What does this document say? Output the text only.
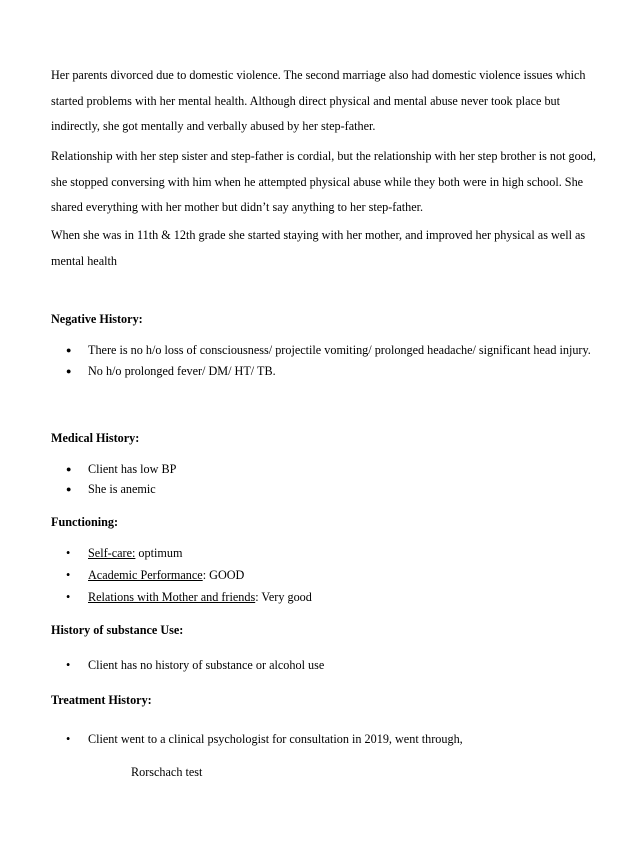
Her parents divorced due to domestic violence. The second marriage also had domestic violence issues which started problems with her mental health. Although direct physical and mental abuse never took place but indirectly, she got mentally and verbally abused by her step-father.

Relationship with her step sister and step-father is cordial, but the relationship with her step brother is not good, she stopped conversing with him when he attempted physical abuse while they both were in high school. She shared everything with her mother but didn’t say anything to her step-father.

When she was in 11th & 12th grade she started staying with her mother, and improved her physical as well as mental health

Negative History:

● There is no h/o loss of consciousness/ projectile vomiting/ prolonged headache/ significant head injury.
● No h/o prolonged fever/ DM/ HT/ TB.

Medical History:

● Client has low BP
● She is anemic

Functioning:

• Self-care: optimum
• Academic Performance: GOOD
• Relations with Mother and friends: Very good

History of substance Use:

• Client has no history of substance or alcohol use

Treatment History:

• Client went to a clinical psychologist for consultation in 2019, went through,

Rorschach test
